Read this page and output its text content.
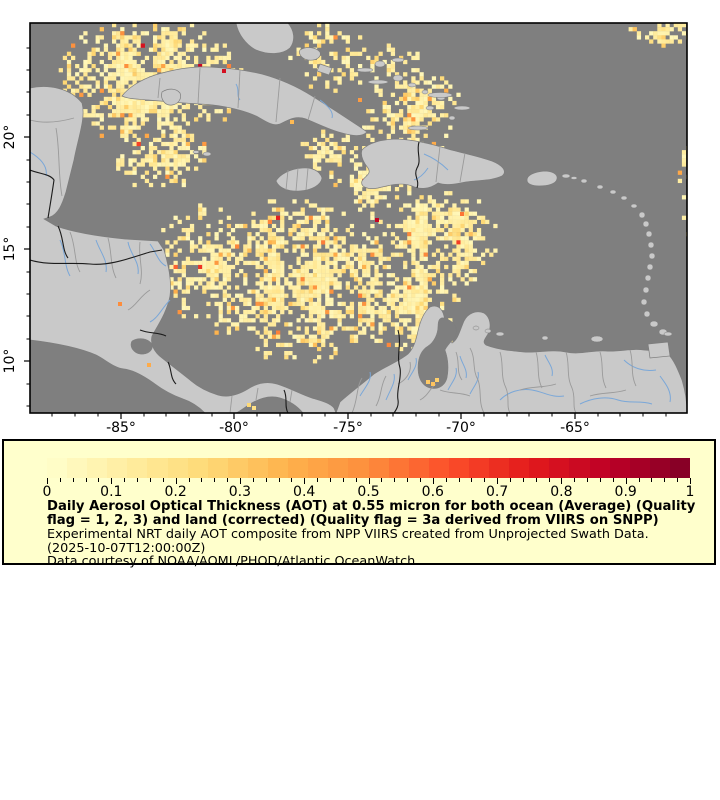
-85°	-80°	-75°	-70°	-65°
20°
15°
10°
0	0.1	0.2	0.3	0.4	0.5	0.6	0.7	0.8	0.9	1
Daily Aerosol Optical Thickness (AOT) at 0.55 micron for both ocean (Average) (Quality flag = 1, 2, 3) and land (corrected) (Quality flag = 3a derived from VIIRS on SNPP)
Experimental NRT daily AOT composite from NPP VIIRS created from Unprojected Swath Data.
(2025-10-07T12:00:00Z)
Data courtesy of NOAA/AOML/PHOD/Atlantic OceanWatch
